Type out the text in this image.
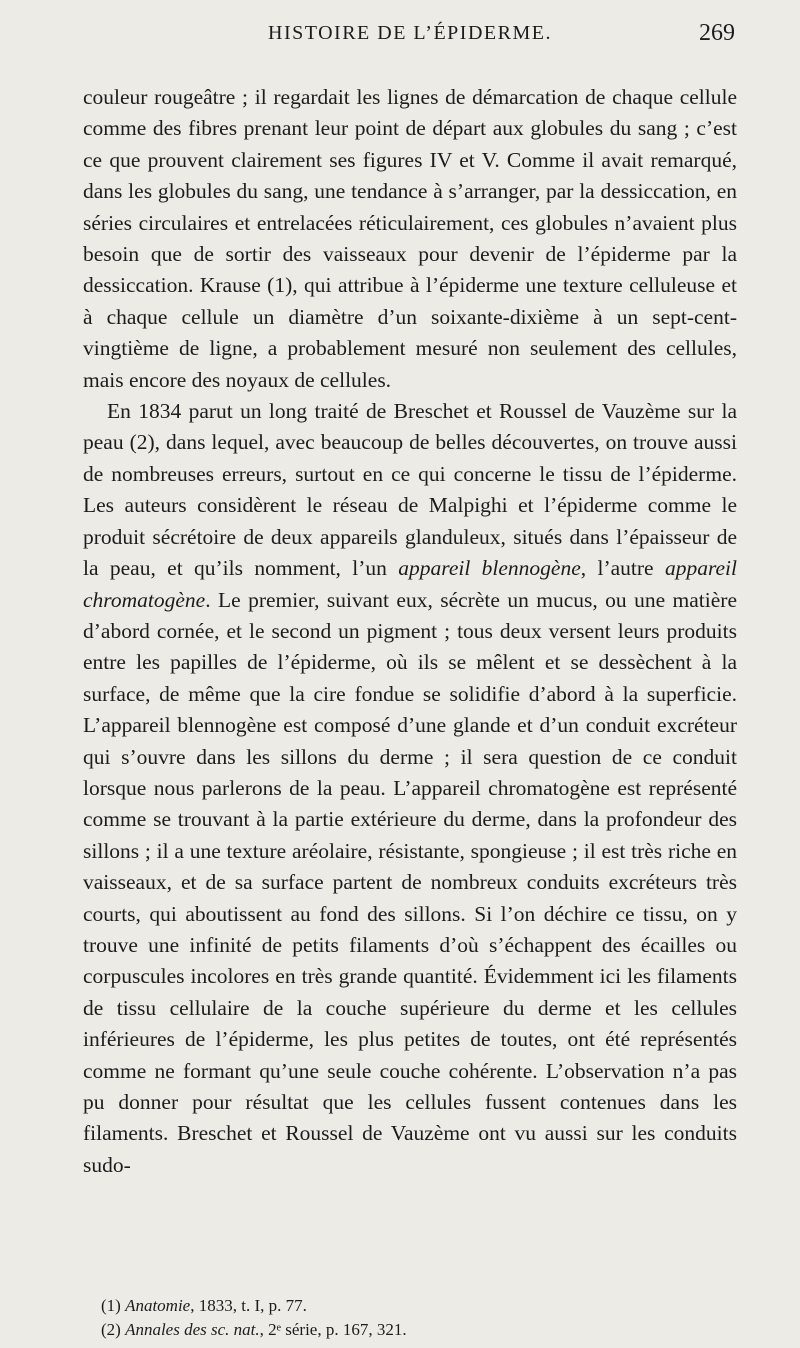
HISTOIRE DE L’ÉPIDERME.	269

couleur rougeâtre ; il regardait les lignes de démarcation de chaque cellule comme des fibres prenant leur point de départ aux globules du sang ; c’est ce que prouvent clairement ses figures IV et V. Comme il avait remarqué, dans les globules du sang, une tendance à s’arranger, par la dessiccation, en séries circulaires et entrelacées réticulairement, ces globules n’avaient plus besoin que de sortir des vaisseaux pour devenir de l’épiderme par la dessiccation. Krause (1), qui attribue à l’épiderme une texture celluleuse et à chaque cellule un diamètre d’un soixante-dixième à un sept-cent-vingtième de ligne, a probablement mesuré non seulement des cellules, mais encore des noyaux de cellules.

En 1834 parut un long traité de Breschet et Roussel de Vauzème sur la peau (2), dans lequel, avec beaucoup de belles découvertes, on trouve aussi de nombreuses erreurs, surtout en ce qui concerne le tissu de l’épiderme. Les auteurs considèrent le réseau de Malpighi et l’épiderme comme le produit sécrétoire de deux appareils glanduleux, situés dans l’épaisseur de la peau, et qu’ils nomment, l’un appareil blennogène, l’autre appareil chromatogène. Le premier, suivant eux, sécrète un mucus, ou une matière d’abord cornée, et le second un pigment ; tous deux versent leurs produits entre les papilles de l’épiderme, où ils se mêlent et se dessèchent à la surface, de même que la cire fondue se solidifie d’abord à la superficie. L’appareil blennogène est composé d’une glande et d’un conduit excréteur qui s’ouvre dans les sillons du derme ; il sera question de ce conduit lorsque nous parlerons de la peau. L’appareil chromatogène est représenté comme se trouvant à la partie extérieure du derme, dans la profondeur des sillons ; il a une texture aréolaire, résistante, spongieuse ; il est très riche en vaisseaux, et de sa surface partent de nombreux conduits excréteurs très courts, qui aboutissent au fond des sillons. Si l’on déchire ce tissu, on y trouve une infinité de petits filaments d’où s’échappent des écailles ou corpuscules incolores en très grande quantité. Évidemment ici les filaments de tissu cellulaire de la couche supérieure du derme et les cellules inférieures de l’épiderme, les plus petites de toutes, ont été représentés comme ne formant qu’une seule couche cohérente. L’observation n’a pas pu donner pour résultat que les cellules fussent contenues dans les filaments. Breschet et Roussel de Vauzème ont vu aussi sur les conduits sudo-

(1) Anatomie, 1833, t. I, p. 77.

(2) Annales des sc. nat., 2ᵉ série, p. 167, 321.
